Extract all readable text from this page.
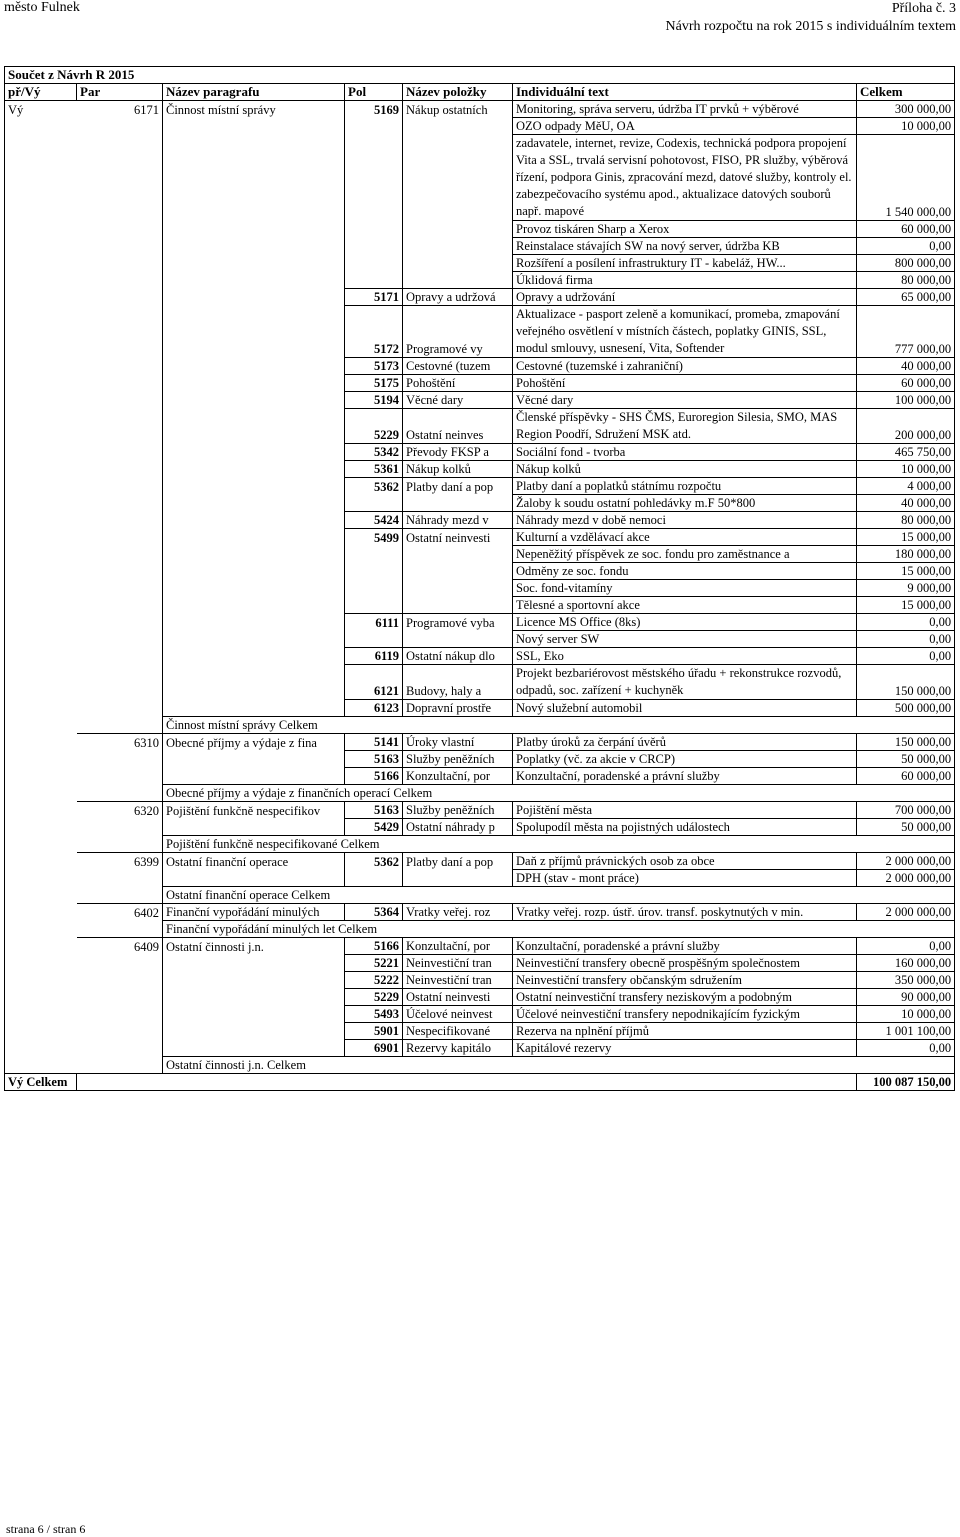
město Fulnek	Příloha č. 3
Návrh rozpočtu na rok 2015 s individuálním textem
Součet z Návrh R 2015							
př/Vý	Par	Název paragrafu	Pol	Název položky	Individuální text	Celkem	
Vý	6171	Činnost místní správy	5169	Nákup ostatních	Monitoring, správa serveru, údržba IT prvků + výběrové	300 000,00	
					OZO odpady MěU, OA	10 000,00	
					zadavatele, internet, revize, Codexis, technická podpora propojení Vita a SSL, trvalá servisní pohotovost, FISO, PR služby, výběrová řízení, podpora Ginis, zpracování mezd, datové služby, kontroly el. zabezpečovacího systému apod., aktualizace datových souborů např. mapové	1 540 000,00	
					Provoz tiskáren Sharp a Xerox	60 000,00	
					Reinstalace stávajích SW na nový server, údržba KB	0,00	
					Rozšíření a posílení infrastruktury IT - kabeláž, HW...	800 000,00	
					Úklidová firma	80 000,00	
			5171	Opravy a udržová	Opravy a udržování	65 000,00	
			5172	Programové vy	Aktualizace - pasport zeleně a komunikací, promeba, zmapování veřejného osvětlení v místních částech, poplatky GINIS, SSL, modul smlouvy, usnesení, Vita, Softender	777 000,00	
			5173	Cestovné (tuzem	Cestovné (tuzemské i zahraniční)	40 000,00	
			5175	Pohoštění	Pohoštění	60 000,00	
			5194	Věcné dary	Věcné dary	100 000,00	
			5229	Ostatní neinves	Členské příspěvky - SHS ČMS, Euroregion Silesia, SMO, MAS Region Poodří, Sdružení MSK atd.	200 000,00	
			5342	Převody FKSP a	Sociální fond - tvorba	465 750,00	
			5361	Nákup kolků	Nákup kolků	10 000,00	
			5362	Platby daní a pop	Platby daní a poplatků státnímu rozpočtu	4 000,00	
					Žaloby k soudu ostatní pohledávky m.F 50*800	40 000,00	
			5424	Náhrady mezd v	Náhrady mezd v době nemoci	80 000,00	
			5499	Ostatní neinvesti	Kulturní a vzdělávací akce	15 000,00	
					Nepeněžitý příspěvek ze soc. fondu pro zaměstnance a	180 000,00	
					Odměny ze soc. fondu	15 000,00	
					Soc. fond-vitamíny	9 000,00	
					Tělesné a sportovní akce	15 000,00	
			6111	Programové vyba	Licence MS Office (8ks)	0,00	
					Nový server SW	0,00	
			6119	Ostatní nákup dlo	SSL, Eko	0,00	
			6121	Budovy, haly a	Projekt bezbariérovost městského úřadu + rekonstrukce rozvodů, odpadů, soc. zařízení + kuchyněk	150 000,00	
			6123	Dopravní prostře	Nový služební automobil	500 000,00	
		Činnost místní správy Celkem		
	6310	Obecné příjmy a výdaje z fina	5141	Úroky vlastní	Platby úroků za čerpání úvěrů	150 000,00	
			5163	Služby peněžních	Poplatky (vč. za akcie v CRCP)	50 000,00	
			5166	Konzultační, por	Konzultační, poradenské a právní služby	60 000,00	
		Obecné příjmy a výdaje z finančních operací Celkem		
	6320	Pojištění funkčně nespecifikov	5163	Služby peněžních	Pojištění města	700 000,00	
			5429	Ostatní náhrady p	Spolupodíl města na pojistných událostech	50 000,00	
		Pojištění funkčně nespecifikované Celkem		
	6399	Ostatní finanční operace	5362	Platby daní a pop	Daň z příjmů právnických osob za obce	2 000 000,00	
					DPH (stav - mont práce)	2 000 000,00	
		Ostatní finanční operace Celkem		
	6402	Finanční vypořádání minulých	5364	Vratky veřej. roz	Vratky veřej. rozp. ústř. úrov. transf. poskytnutých v min.	2 000 000,00	
		Finanční vypořádání minulých let Celkem		
	6409	Ostatní činnosti j.n.	5166	Konzultační, por	Konzultační, poradenské a právní služby	0,00	
			5221	Neinvestiční tran	Neinvestiční transfery obecně prospěšným společnostem	160 000,00	
			5222	Neinvestiční tran	Neinvestiční transfery občanským sdružením	350 000,00	
			5229	Ostatní neinvesti	Ostatní neinvestiční transfery neziskovým a podobným	90 000,00	
			5493	Účelové neinvest	Účelové neinvestiční transfery nepodnikajícím fyzickým	10 000,00	
			5901	Nespecifikované	Rezerva na nplnění příjmů	1 001 100,00	
			6901	Rezervy kapitálo	Kapitálové rezervy	0,00	
		Ostatní činnosti j.n. Celkem		
Vý Celkem						100 087 150,00	
strana 6 / stran 6
